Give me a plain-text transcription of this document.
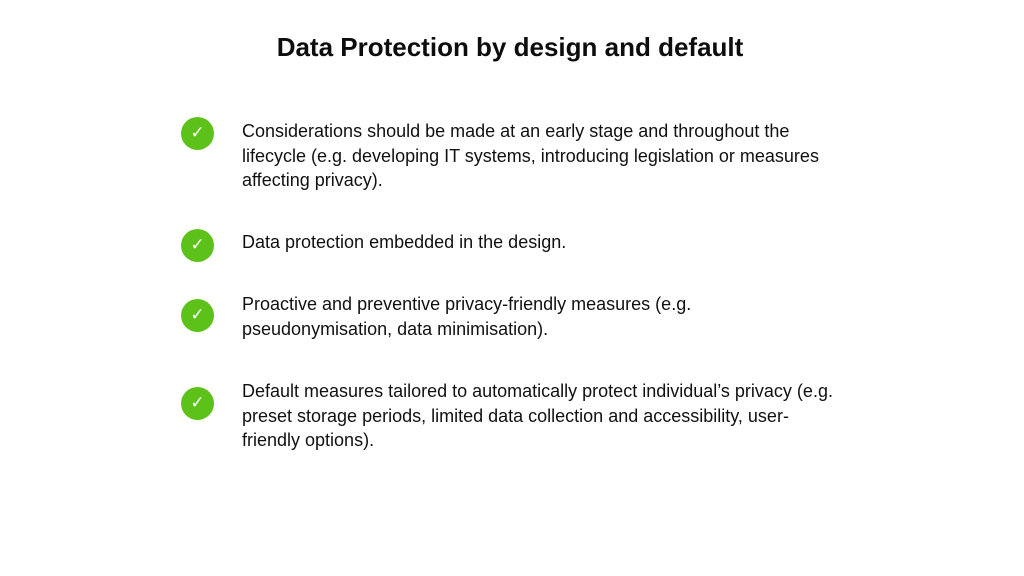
Data Protection by design and default
✓	Considerations should be made at an early stage and throughout the lifecycle (e.g. developing IT systems, introducing legislation or measures affecting privacy).
✓	Data protection embedded in the design.
✓
Proactive and preventive privacy-friendly measures (e.g. pseudonymisation, data minimisation).
✓
Default measures tailored to automatically protect individual’s privacy (e.g. preset storage periods, limited data collection and accessibility, user-friendly options).
